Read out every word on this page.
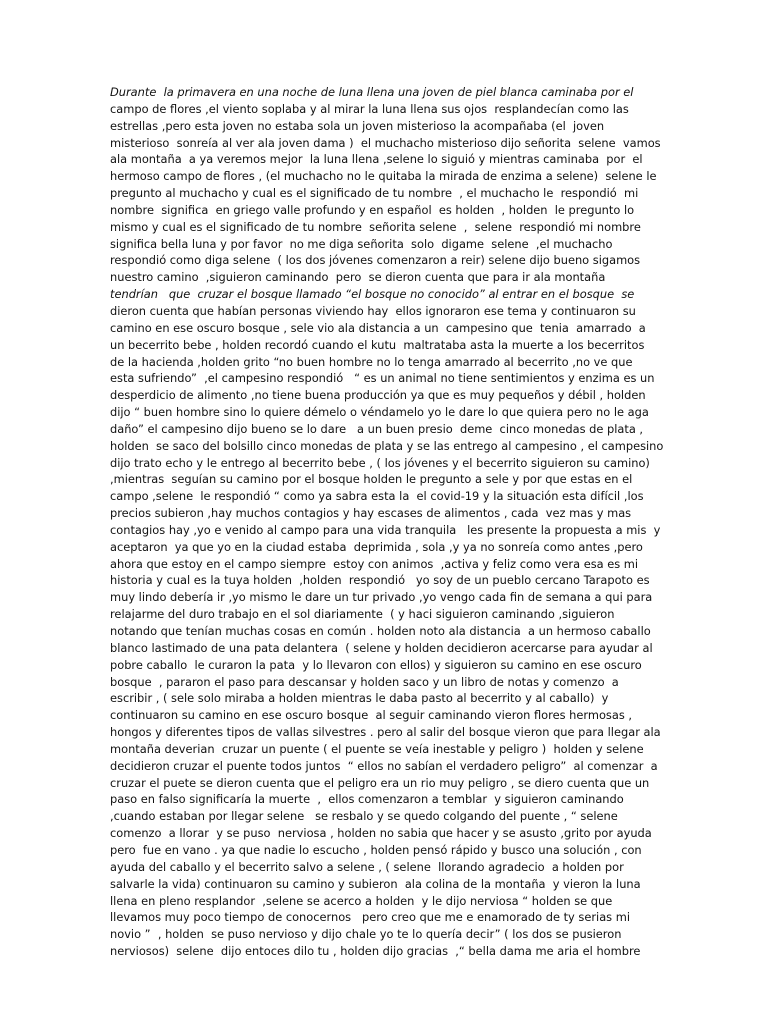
Durante  la primavera en una noche de luna llena una joven de piel blanca caminaba por el
campo de flores ,el viento soplaba y al mirar la luna llena sus ojos  resplandecían como las
estrellas ,pero esta joven no estaba sola un joven misterioso la acompañaba (el  joven
misterioso  sonreía al ver ala joven dama )  el muchacho misterioso dijo señorita  selene  vamos
ala montaña  a ya veremos mejor  la luna llena ,selene lo siguió y mientras caminaba  por  el
hermoso campo de flores , (el muchacho no le quitaba la mirada de enzima a selene)  selene le
pregunto al muchacho y cual es el significado de tu nombre  , el muchacho le  respondió  mi
nombre  significa  en griego valle profundo y en español  es holden  , holden  le pregunto lo
mismo y cual es el significado de tu nombre  señorita selene  ,  selene  respondió mi nombre
significa bella luna y por favor  no me diga señorita  solo  digame  selene  ,el muchacho
respondió como diga selene  ( los dos jóvenes comenzaron a reir) selene dijo bueno sigamos
nuestro camino  ,siguieron caminando  pero  se dieron cuenta que para ir ala montaña
tendrían   que  cruzar el bosque llamado “el bosque no conocido” al entrar en el bosque  se
dieron cuenta que habían personas viviendo hay  ellos ignoraron ese tema y continuaron su
camino en ese oscuro bosque , sele vio ala distancia a un  campesino que  tenia  amarrado  a
un becerrito bebe , holden recordó cuando el kutu  maltrataba asta la muerte a los becerritos
de la hacienda ,holden grito “no buen hombre no lo tenga amarrado al becerrito ,no ve que
esta sufriendo”  ,el campesino respondió   “ es un animal no tiene sentimientos y enzima es un
desperdicio de alimento ,no tiene buena producción ya que es muy pequeños y débil , holden
dijo “ buen hombre sino lo quiere démelo o véndamelo yo le dare lo que quiera pero no le aga
daño” el campesino dijo bueno se lo dare   a un buen presio  deme  cinco monedas de plata ,
holden  se saco del bolsillo cinco monedas de plata y se las entrego al campesino , el campesino
dijo trato echo y le entrego al becerrito bebe , ( los jóvenes y el becerrito siguieron su camino)
,mientras  seguían su camino por el bosque holden le pregunto a sele y por que estas en el
campo ,selene  le respondió “ como ya sabra esta la  el covid-19 y la situación esta difícil ,los
precios subieron ,hay muchos contagios y hay escases de alimentos , cada  vez mas y mas
contagios hay ,yo e venido al campo para una vida tranquila   les presente la propuesta a mis  y
aceptaron  ya que yo en la ciudad estaba  deprimida , sola ,y ya no sonreía como antes ,pero
ahora que estoy en el campo siempre  estoy con animos  ,activa y feliz como vera esa es mi
historia y cual es la tuya holden  ,holden  respondió   yo soy de un pueblo cercano Tarapoto es
muy lindo debería ir ,yo mismo le dare un tur privado ,yo vengo cada fin de semana a qui para
relajarme del duro trabajo en el sol diariamente  ( y haci siguieron caminando ,siguieron
notando que tenían muchas cosas en común . holden noto ala distancia  a un hermoso caballo
blanco lastimado de una pata delantera  ( selene y holden decidieron acercarse para ayudar al
pobre caballo  le curaron la pata  y lo llevaron con ellos) y siguieron su camino en ese oscuro
bosque  , pararon el paso para descansar y holden saco y un libro de notas y comenzo  a
escribir , ( sele solo miraba a holden mientras le daba pasto al becerrito y al caballo)  y
continuaron su camino en ese oscuro bosque  al seguir caminando vieron flores hermosas ,
hongos y diferentes tipos de vallas silvestres . pero al salir del bosque vieron que para llegar ala
montaña deverian  cruzar un puente ( el puente se veía inestable y peligro )  holden y selene
decidieron cruzar el puente todos juntos  “ ellos no sabían el verdadero peligro”  al comenzar  a
cruzar el puete se dieron cuenta que el peligro era un rio muy peligro , se diero cuenta que un
paso en falso significaría la muerte  ,  ellos comenzaron a temblar  y siguieron caminando
,cuando estaban por llegar selene   se resbalo y se quedo colgando del puente , “ selene
comenzo  a llorar  y se puso  nerviosa , holden no sabia que hacer y se asusto ,grito por ayuda
pero  fue en vano . ya que nadie lo escucho , holden pensó rápido y busco una solución , con
ayuda del caballo y el becerrito salvo a selene , ( selene  llorando agradecio  a holden por
salvarle la vida) continuaron su camino y subieron  ala colina de la montaña  y vieron la luna
llena en pleno resplandor  ,selene se acerco a holden  y le dijo nerviosa “ holden se que
llevamos muy poco tiempo de conocernos   pero creo que me e enamorado de ty serias mi
novio ”  , holden  se puso nervioso y dijo chale yo te lo quería decir” ( los dos se pusieron
nerviosos)  selene  dijo entoces dilo tu , holden dijo gracias  ,“ bella dama me aria el hombre
